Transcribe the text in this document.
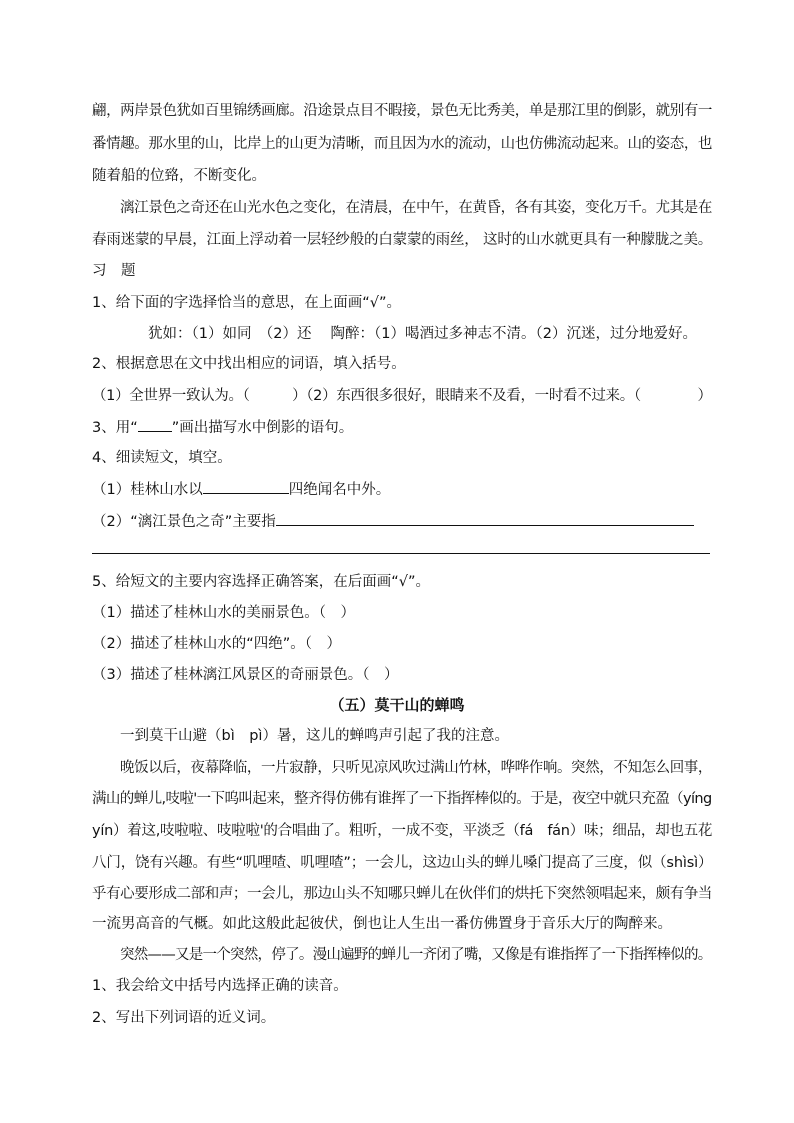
翩，两岸景色犹如百里锦绣画廊。沿途景点目不暇接，景色无比秀美，单是那江里的倒影，就别有一
番情趣。那水里的山，比岸上的山更为清晰，而且因为水的流动，山也仿佛流动起来。山的姿态，也
随着船的位臵，不断变化。
漓江景色之奇还在山光水色之变化，在清晨，在中午，在黄昏，各有其姿，变化万千。尤其是在
春雨迷蒙的早晨，江面上浮动着一层轻纱般的白蒙蒙的雨丝， 这时的山水就更具有一种朦胧之美。
习　题
1、给下面的字选择恰当的意思，在上面画“√”。
犹如：（1）如同　（2）还　 陶醉：（1）喝酒过多神志不清。（2）沉迷，过分地爱好。
2、根据意思在文中找出相应的词语，填入括号。
（1）全世界一致认为。（　　　）（2）东西很多很好，眼睛来不及看，一时看不过来。（　　　　）
3、用“ ”画出描写水中倒影的语句。
4、细读短文，填空。
（1）桂林山水以	四绝闻名中外。
（2）“漓江景色之奇”主要指
5、给短文的主要内容选择正确答案，在后面画“√”。
（1）描述了桂林山水的美丽景色。（　）
（2）描述了桂林山水的“四绝”。（　）
（3）描述了桂林漓江风景区的奇丽景色。（　）
（五）莫干山的蝉鸣
一到莫干山避（bì　pì）暑，这儿的蝉鸣声引起了我的注意。
晚饭以后，夜幕降临，一片寂静，只听见凉风吹过满山竹林，哗哗作响。突然，不知怎么回事，
满山的蝉儿,吱啦'一下呜叫起来，整齐得仿佛有谁挥了一下指挥棒似的。于是，夜空中就只充盈（yíng
yín）着这,吱啦啦、吱啦啦'的合唱曲了。粗听，一成不变，平淡乏（fá　fán）味；细品，却也五花
八门，饶有兴趣。有些“叽哩喳、叽哩喳”；一会儿，这边山头的蝉儿嗓门提高了三度，似（shìsì）
乎有心要形成二部和声；一会儿，那边山头不知哪只蝉儿在伙伴们的烘托下突然领唱起来，颇有争当
一流男高音的气概。如此这般此起彼伏，倒也让人生出一番仿佛置身于音乐大厅的陶醉来。
突然——又是一个突然，停了。漫山遍野的蝉儿一齐闭了嘴，又像是有谁指挥了一下指挥棒似的。
1、我会给文中括号内选择正确的读音。
2、写出下列词语的近义词。
